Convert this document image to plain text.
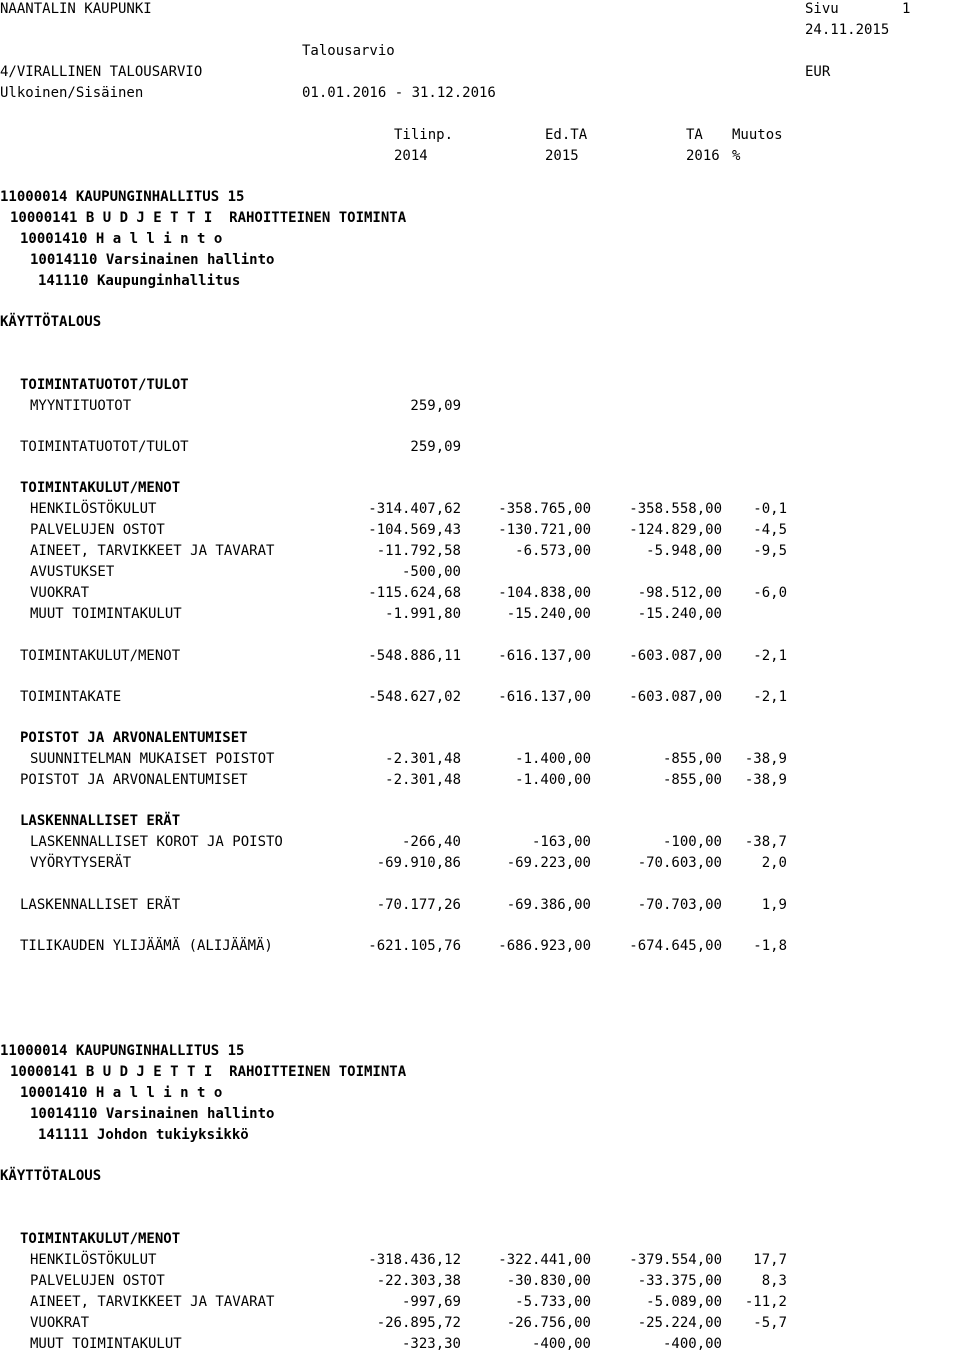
NAANTALIN KAUPUNKI	Sivu	1
24.11.2015
Talousarvio
4/VIRALLINEN TALOUSARVIO	EUR
Ulkoinen/Sisäinen	01.01.2016 - 31.12.2016
Tilinp.	Ed.TA	TA Muutos
2014	2015	2016 %
11000014 KAUPUNGINHALLITUS 15
10000141 B U D J E T T I  RAHOITTEINEN TOIMINTA
10001410 H a l l i n t o
10014110 Varsinainen hallinto
141110 Kaupunginhallitus
KÄYTTÖTALOUS
TOIMINTATUOTOT/TULOT
TOIMINTAKULUT/MENOT
POISTOT JA ARVONALENTUMISET
LASKENNALLISET ERÄT
MYYNTITUOTOT	259,09
TOIMINTATUOTOT/TULOT	259,09
HENKILÖSTÖKULUT	-314.407,62	-358.765,00	-358.558,00 -0,1
PALVELUJEN OSTOT	-104.569,43	-130.721,00	-124.829,00 -4,5
AINEET, TARVIKKEET JA TAVARAT	-11.792,58	-6.573,00	-5.948,00 -9,5
AVUSTUKSET	-500,00
VUOKRAT	-115.624,68	-104.838,00	-98.512,00 -6,0
MUUT TOIMINTAKULUT	-1.991,80	-15.240,00	-15.240,00
TOIMINTAKULUT/MENOT	-548.886,11	-616.137,00	-603.087,00 -2,1
TOIMINTAKATE	-548.627,02	-616.137,00	-603.087,00 -2,1
SUUNNITELMAN MUKAISET POISTOT	-2.301,48	-1.400,00	-855,00 -38,9
POISTOT JA ARVONALENTUMISET	-2.301,48	-1.400,00	-855,00 -38,9
LASKENNALLISET KOROT JA POISTO	-266,40	-163,00	-100,00 -38,7
VYÖRYTYSERÄT	-69.910,86	-69.223,00	-70.603,00	2,0
LASKENNALLISET ERÄT	-70.177,26	-69.386,00	-70.703,00	1,9
TILIKAUDEN YLIJÄÄMÄ (ALIJÄÄMÄ)	-621.105,76	-686.923,00	-674.645,00 -1,8
11000014 KAUPUNGINHALLITUS 15
10000141 B U D J E T T I  RAHOITTEINEN TOIMINTA
10001410 H a l l i n t o
10014110 Varsinainen hallinto
141111 Johdon tukiyksikkö
KÄYTTÖTALOUS
TOIMINTAKULUT/MENOT
HENKILÖSTÖKULUT	-318.436,12	-322.441,00	-379.554,00 17,7
PALVELUJEN OSTOT	-22.303,38	-30.830,00	-33.375,00	8,3
AINEET, TARVIKKEET JA TAVARAT	-997,69	-5.733,00	-5.089,00 -11,2
VUOKRAT	-26.895,72	-26.756,00	-25.224,00 -5,7
MUUT TOIMINTAKULUT	-323,30	-400,00	-400,00
